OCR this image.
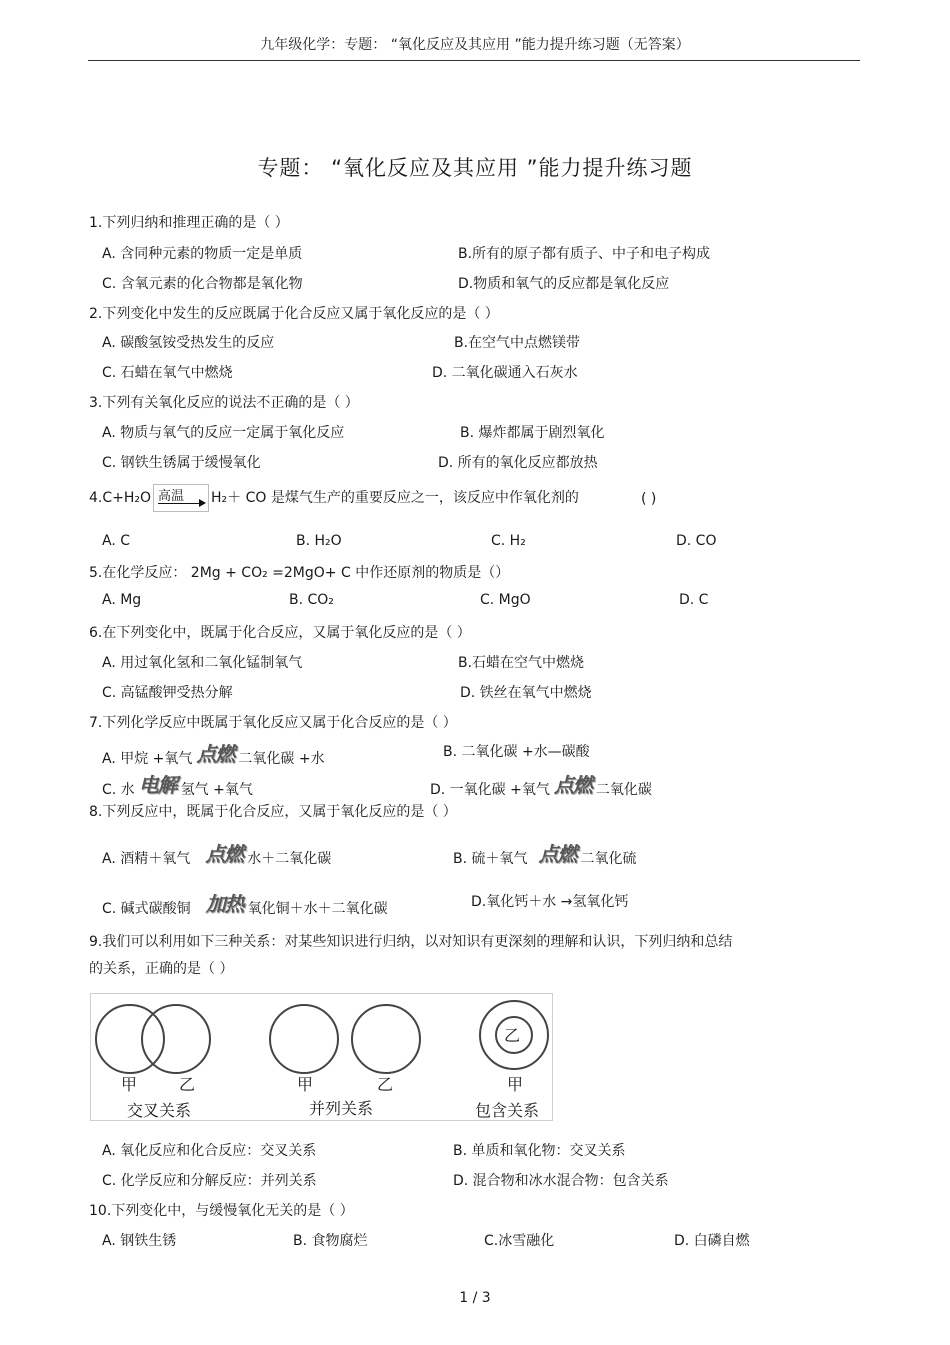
九年级化学：专题： “氧化反应及其应用 ”能力提升练习题（无答案）
专题： “氧化反应及其应用 ”能力提升练习题
1.下列归纳和推理正确的是（ ）
A. 含同种元素的物质一定是单质	B.所有的原子都有质子、中子和电子构成
C. 含氧元素的化合物都是氧化物	D.物质和氧气的反应都是氧化反应
2.下列变化中发生的反应既属于化合反应又属于氧化反应的是（ ）
A. 碳酸氢铵受热发生的反应	B.在空气中点燃镁带
C. 石蜡在氧气中燃烧	D. 二氧化碳通入石灰水
3.下列有关氧化反应的说法不正确的是（ ）
A. 物质与氧气的反应一定属于氧化反应	B. 爆炸都属于剧烈氧化
C. 钢铁生锈属于缓慢氧化	D. 所有的氧化反应都放热
4.C+H₂O 高温 H₂＋ CO 是煤气生产的重要反应之一，该反应中作氧化剂的	( )
A. C	B. H₂O	C. H₂	D. CO
5.在化学反应： 2Mg + CO₂ =2MgO+ C 中作还原剂的物质是（）
A. Mg	B. CO₂	C. MgO	D. C
6.在下列变化中，既属于化合反应，又属于氧化反应的是（ ）
A. 用过氧化氢和二氧化锰制氧气	B.石蜡在空气中燃烧
C. 高锰酸钾受热分解	D. 铁丝在氧气中燃烧
7.下列化学反应中既属于氧化反应又属于化合反应的是（ ）
A. 甲烷 +氧气 点燃 二氧化碳 +水	B. 二氧化碳 +水—碳酸
C. 水 电解 氢气 +氧气	D. 一氧化碳 +氧气 点燃 二氧化碳
8.下列反应中，既属于化合反应，又属于氧化反应的是（ ）
A. 酒精＋氧气 点燃 水＋二氧化碳	B. 硫＋氧气 点燃 二氧化硫
C. 碱式碳酸铜 加热 氧化铜＋水＋二氧化碳	D.氧化钙＋水 →氢氧化钙
9.我们可以利用如下三种关系：对某些知识进行归纳，以对知识有更深刻的理解和认识，下列归纳和总结
的关系，正确的是（ ）
甲	乙
交叉关系
甲	乙
并列关系
乙
甲
包含关系
A. 氧化反应和化合反应：交叉关系	B. 单质和氧化物：交叉关系
C. 化学反应和分解反应：并列关系	D. 混合物和冰水混合物：包含关系
10.下列变化中，与缓慢氧化无关的是（ ）
A. 钢铁生锈	B. 食物腐烂	C.冰雪融化	D. 白磷自燃
1 / 3
